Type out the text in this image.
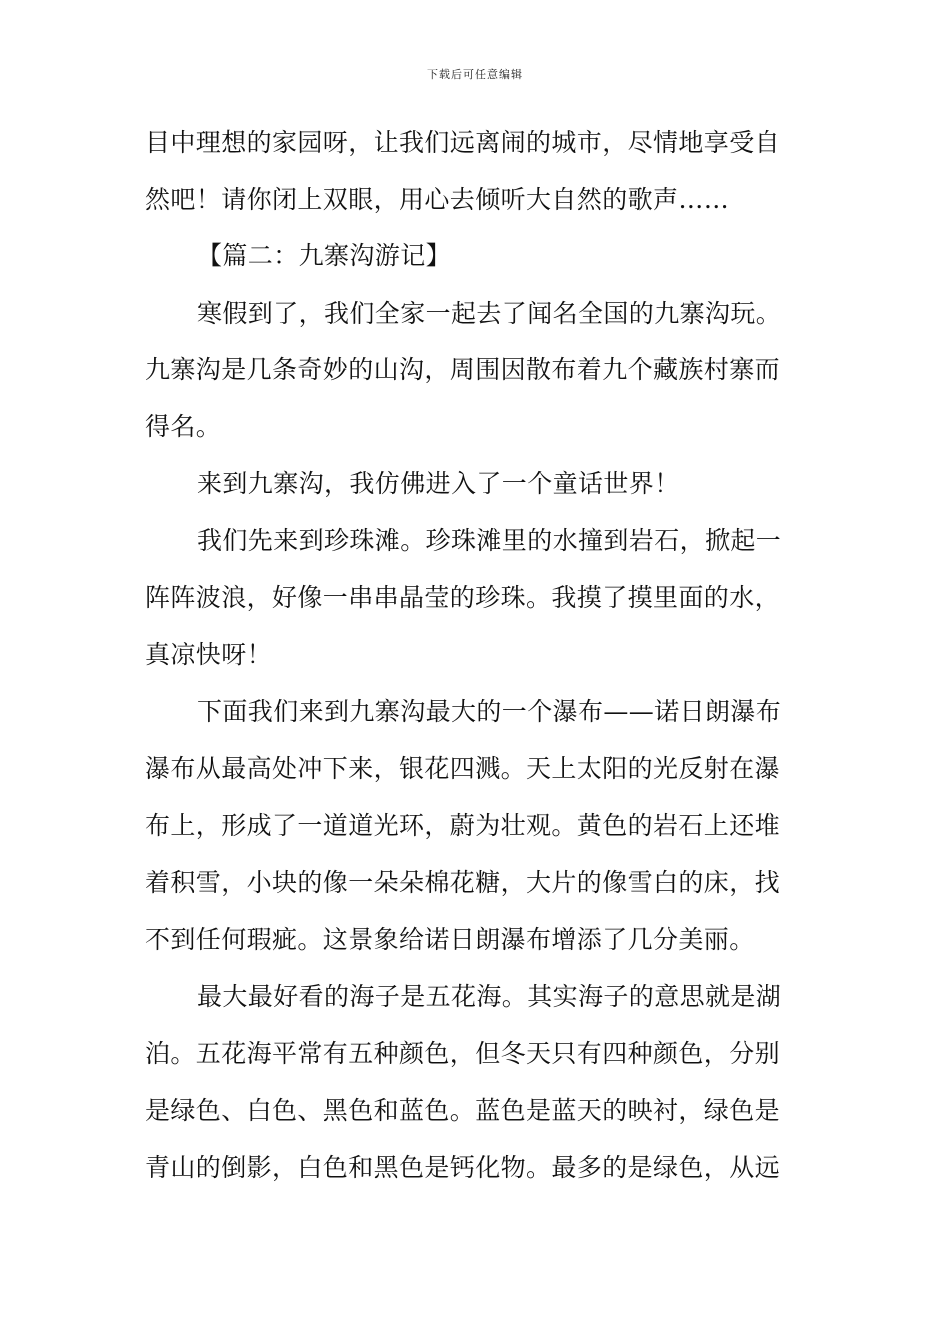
下载后可任意编辑
目中理想的家园呀，让我们远离闹的城市，尽情地享受自
然吧！请你闭上双眼，用心去倾听大自然的歌声……
【篇二：九寨沟游记】
寒假到了，我们全家一起去了闻名全国的九寨沟玩。
九寨沟是几条奇妙的山沟，周围因散布着九个藏族村寨而
得名。
来到九寨沟，我仿佛进入了一个童话世界！
我们先来到珍珠滩。珍珠滩里的水撞到岩石，掀起一
阵阵波浪，好像一串串晶莹的珍珠。我摸了摸里面的水，
真凉快呀！
下面我们来到九寨沟最大的一个瀑布——诺日朗瀑布
瀑布从最高处冲下来，银花四溅。天上太阳的光反射在瀑
布上，形成了一道道光环，蔚为壮观。黄色的岩石上还堆
着积雪，小块的像一朵朵棉花糖，大片的像雪白的床，找
不到任何瑕疵。这景象给诺日朗瀑布增添了几分美丽。
最大最好看的海子是五花海。其实海子的意思就是湖
泊。五花海平常有五种颜色，但冬天只有四种颜色，分别
是绿色、白色、黑色和蓝色。蓝色是蓝天的映衬，绿色是
青山的倒影，白色和黑色是钙化物。最多的是绿色，从远
